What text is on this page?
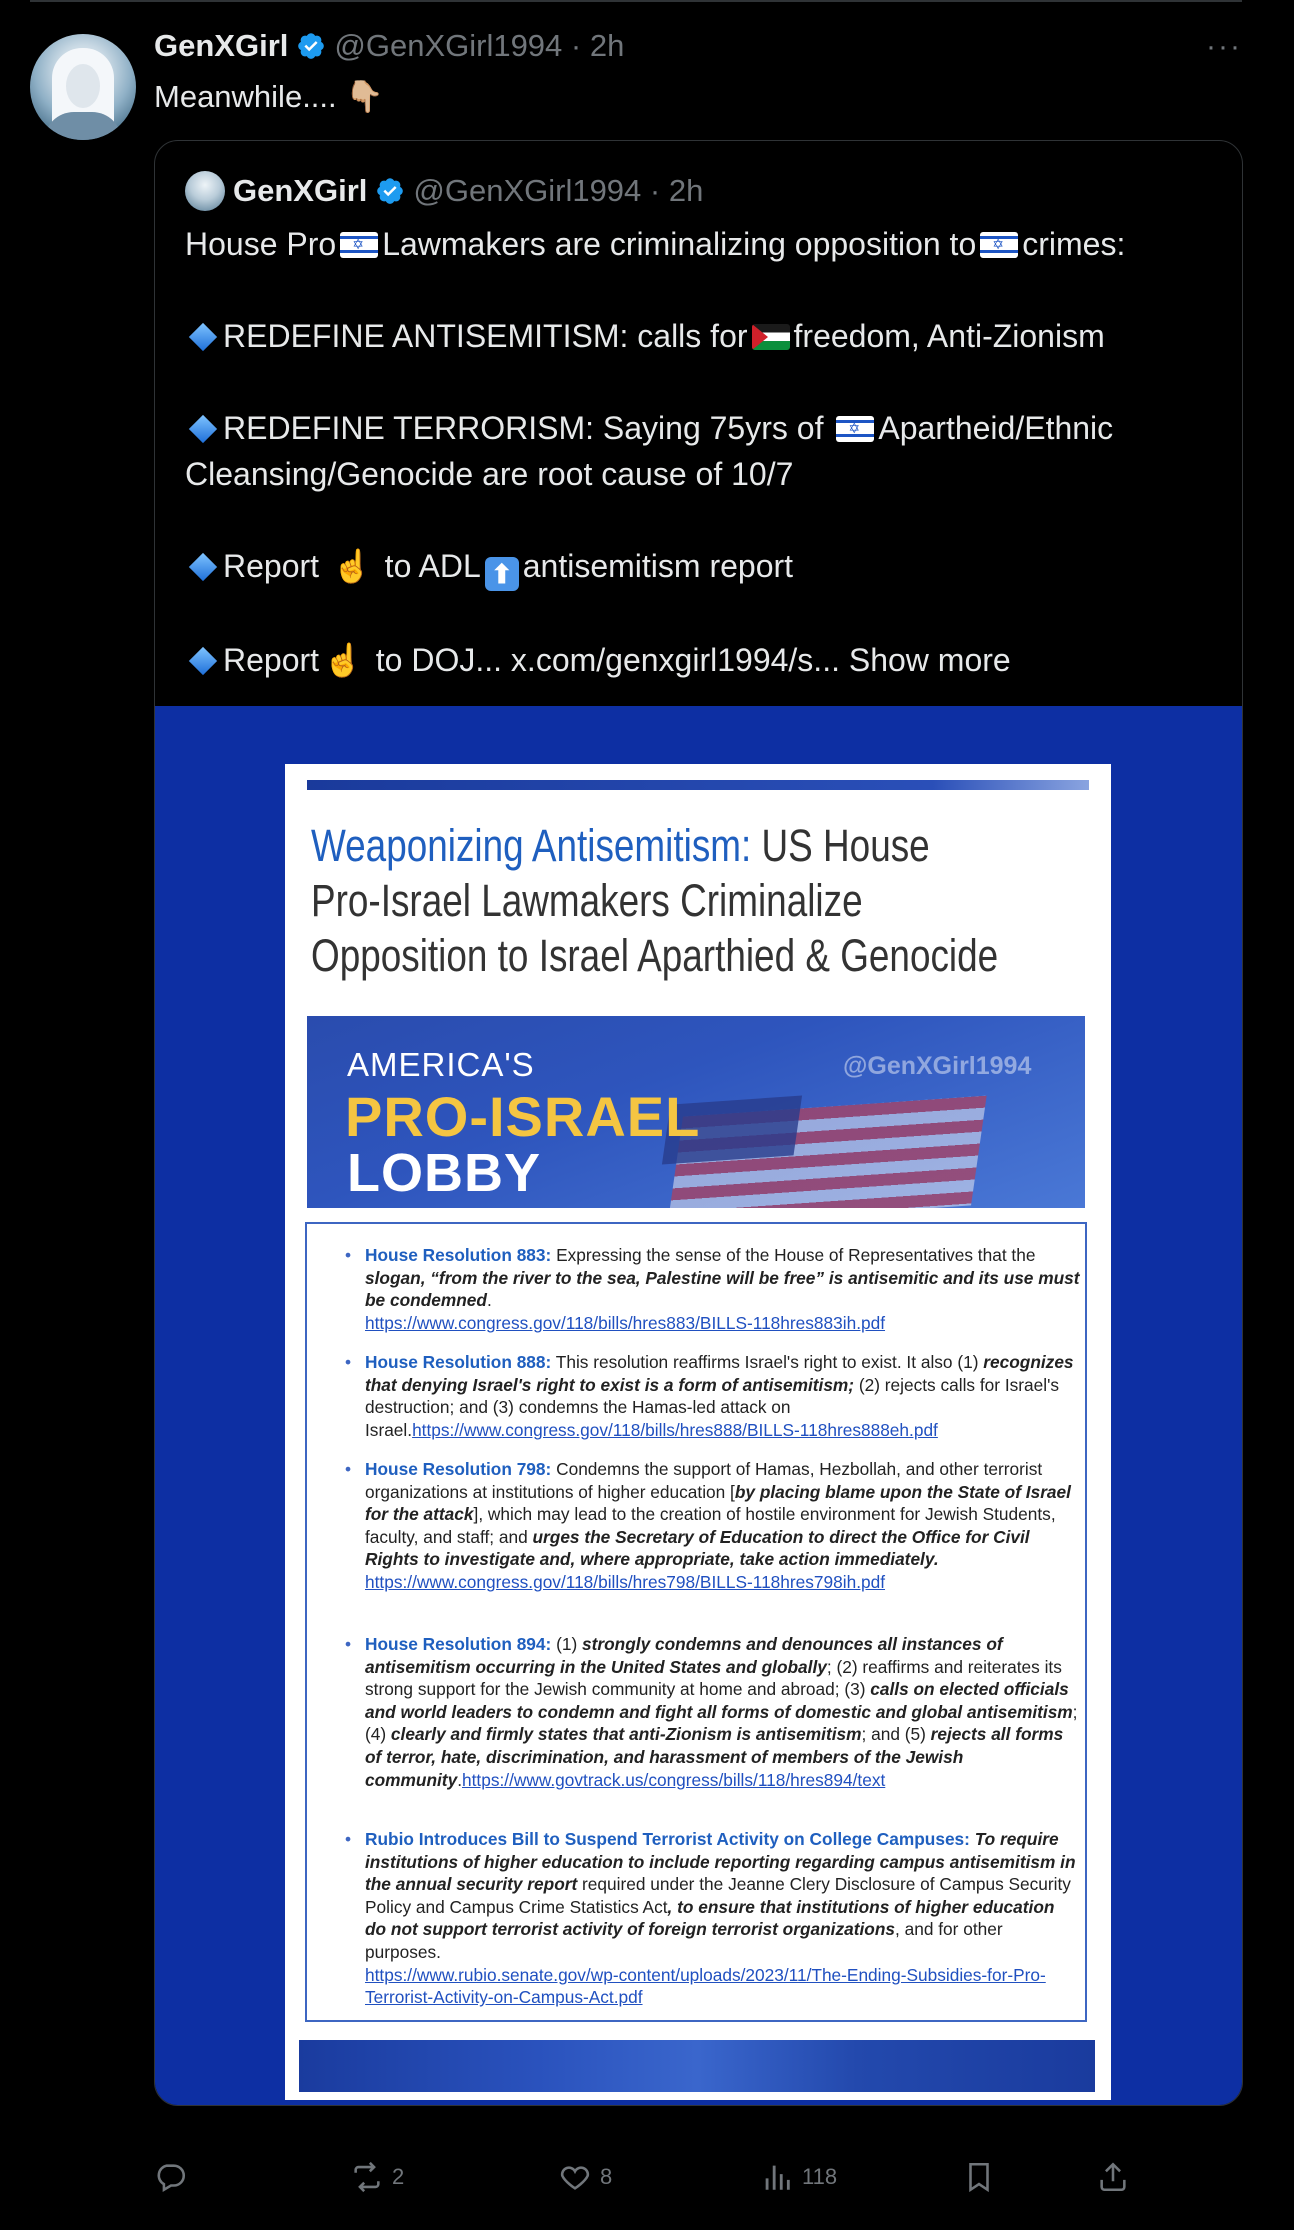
GenXGirl @GenXGirl1994 · 2h	···
Meanwhile.... 👇🏼
GenXGirl @GenXGirl1994 · 2h
House Pro ✡ Lawmakers are criminalizing opposition to ✡ crimes:
REDEFINE ANTISEMITISM: calls for freedom, Anti-Zionism
REDEFINE TERRORISM: Saying 75yrs of ✡ Apartheid/Ethnic
Cleansing/Genocide are root cause of 10/7
Report ☝ to ADL ⬆ antisemitism report
Report ☝ to DOJ... x.com/genxgirl1994/s... Show more
Weaponizing Antisemitism: US House
Pro-Israel Lawmakers Criminalize
Opposition to Israel Aparthied & Genocide
AMERICA'S
PRO-ISRAEL
LOBBY
@GenXGirl1994
• House Resolution 883: Expressing the sense of the House of Representatives that the slogan, “from the river to the sea, Palestine will be free” is antisemitic and its use must be condemned.
https://www.congress.gov/118/bills/hres883/BILLS-118hres883ih.pdf
• House Resolution 888: This resolution reaffirms Israel's right to exist. It also (1) recognizes that denying Israel's right to exist is a form of antisemitism; (2) rejects calls for Israel's destruction; and (3) condemns the Hamas-led attack on Israel.https://www.congress.gov/118/bills/hres888/BILLS-118hres888eh.pdf
• House Resolution 798: Condemns the support of Hamas, Hezbollah, and other terrorist organizations at institutions of higher education [by placing blame upon the State of Israel for the attack], which may lead to the creation of hostile environment for Jewish Students, faculty, and staff; and urges the Secretary of Education to direct the Office for Civil Rights to investigate and, where appropriate, take action immediately.
https://www.congress.gov/118/bills/hres798/BILLS-118hres798ih.pdf
• House Resolution 894: (1) strongly condemns and denounces all instances of antisemitism occurring in the United States and globally; (2) reaffirms and reiterates its strong support for the Jewish community at home and abroad; (3) calls on elected officials and world leaders to condemn and fight all forms of domestic and global antisemitism; (4) clearly and firmly states that anti-Zionism is antisemitism; and (5) rejects all forms of terror, hate, discrimination, and harassment of members of the Jewish community.https://www.govtrack.us/congress/bills/118/hres894/text
• Rubio Introduces Bill to Suspend Terrorist Activity on College Campuses: To require institutions of higher education to include reporting regarding campus antisemitism in the annual security report required under the Jeanne Clery Disclosure of Campus Security Policy and Campus Crime Statistics Act, to ensure that institutions of higher education do not support terrorist activity of foreign terrorist organizations, and for other purposes.
https://www.rubio.senate.gov/wp-content/uploads/2023/11/The-Ending-Subsidies-for-Pro-Terrorist-Activity-on-Campus-Act.pdf
2	8	118
